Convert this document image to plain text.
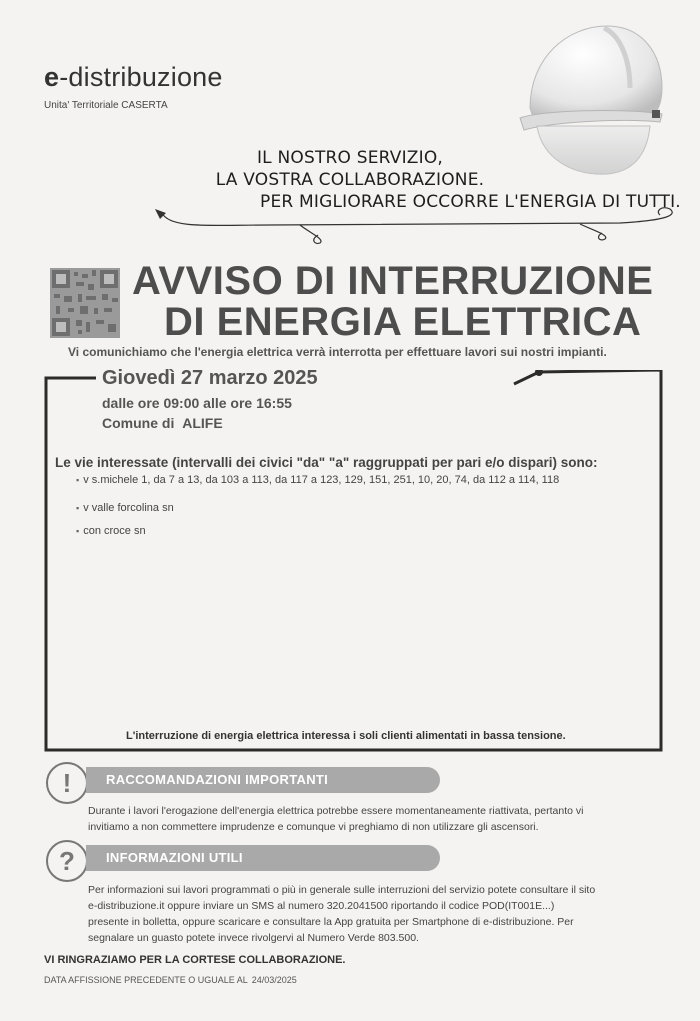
e-distribuzione
Unita' Territoriale CASERTA
IL NOSTRO SERVIZIO,
LA VOSTRA COLLABORAZIONE.
PER MIGLIORARE OCCORRE L'ENERGIA DI TUTTI.
AVVISO DI INTERRUZIONE
DI ENERGIA ELETTRICA
Vi comunichiamo che l'energia elettrica verrà interrotta per effettuare lavori sui nostri impianti.
Giovedì 27 marzo 2025
dalle ore 09:00 alle ore 16:55
Comune di ALIFE
Le vie interessate (intervalli dei civici "da" "a" raggruppati per pari e/o dispari) sono:
▪ v s.michele 1, da 7 a 13, da 103 a 113, da 117 a 123, 129, 151, 251, 10, 20, 74, da 112 a 114, 118
▪ v valle forcolina sn
▪ con croce sn
L'interruzione di energia elettrica interessa i soli clienti alimentati in bassa tensione.
!	RACCOMANDAZIONI IMPORTANTI
Durante i lavori l'erogazione dell'energia elettrica potrebbe essere momentaneamente riattivata, pertanto vi
invitiamo a non commettere imprudenze e comunque vi preghiamo di non utilizzare gli ascensori.
?	INFORMAZIONI UTILI
Per informazioni sui lavori programmati o più in generale sulle interruzioni del servizio potete consultare il sito
e-distribuzione.it oppure inviare un SMS al numero 320.2041500 riportando il codice POD(IT001E...)
presente in bolletta, oppure scaricare e consultare la App gratuita per Smartphone di e-distribuzione. Per
segnalare un guasto potete invece rivolgervi al Numero Verde 803.500.
VI RINGRAZIAMO PER LA CORTESE COLLABORAZIONE.
DATA AFFISSIONE PRECEDENTE O UGUALE AL 24/03/2025
